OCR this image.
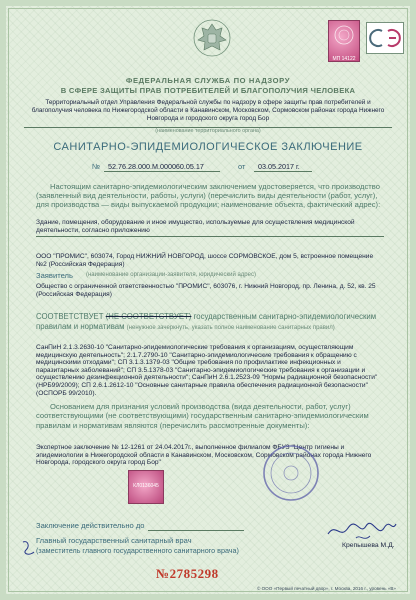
МП 14122
ФЕДЕРАЛЬНАЯ СЛУЖБА ПО НАДЗОРУ
В СФЕРЕ ЗАЩИТЫ ПРАВ ПОТРЕБИТЕЛЕЙ И БЛАГОПОЛУЧИЯ ЧЕЛОВЕКА
Территориальный отдел Управления Федеральной службы по надзору в сфере защиты прав потребителей и благополучия человека по Нижегородской области в Канавинском, Московском, Сормовском районах города Нижнего Новгорода и городского округа город Бор
(наименование территориального органа)
САНИТАРНО-ЭПИДЕМИОЛОГИЧЕСКОЕ ЗАКЛЮЧЕНИЕ
№ 52.76.28.000.М.000060.05.17	от 03.05.2017 г.
Настоящим санитарно-эпидемиологическим заключением удостоверяется, что производство (заявленный вид деятельности, работы, услуги) (перечислить виды деятельности (работ, услуг), для производства — виды выпускаемой продукции; наименование объекта, фактический адрес):
Здание, помещения, оборудование и иное имущество, используемые для осуществления медицинской деятельности, согласно приложению
ООО "ПРОМИС", 603074, Город НИЖНИЙ НОВГОРОД, шоссе СОРМОВСКОЕ, дом 5, встроенное помещение №2 (Российская Федерация)
Заявитель (наименование организации-заявителя, юридический адрес)
Общество с ограниченной ответственностью "ПРОМИС", 603076, г. Нижний Новгород, пр. Ленина, д. 52, кв. 25 (Российская Федерация)
СООТВЕТСТВУЕТ (НЕ СООТВЕТСТВУЕТ) государственным санитарно-эпидемиологическим правилам и нормативам (ненужное зачеркнуть, указать полное наименование санитарных правил)
СанПиН 2.1.3.2630-10 "Санитарно-эпидемиологические требования к организациям, осуществляющим медицинскую деятельность"; 2.1.7.2790-10 "Санитарно-эпидемиологические требования к обращению с медицинскими отходами"; СП 3.1.3.1379-03 "Общие требования по профилактике инфекционных и паразитарных заболеваний"; СП 3.5.1378-03 "Санитарно-эпидемиологические требования к организации и осуществлению дезинфекционной деятельности"; СанПиН 2.6.1.2523-09 "Нормы радиационной безопасности" (НРБ99/2009); СП 2.6.1.2612-10 "Основные санитарные правила обеспечения радиационной безопасности" (ОСПОРБ 99/2010).
Основанием для признания условий производства (вида деятельности, работ, услуг) соответствующими (не соответствующими) государственным санитарно-эпидемиологическим правилам и нормативам являются (перечислить рассмотренные документы):
Экспертное заключение № 12-1261 от 24.04.2017г., выполненное филиалом ФБУЗ "Центр гигиены и эпидемиологии в Нижегородской области в Канавинском, Московском, Сормовском районах города Нижнего Новгорода, городского округа город Бор"
КЛ0136045
Заключение действительно до
Главный государственный санитарный врач
(заместитель главного государственного санитарного врача)
Крепышева М.Д.
№2785298
© ООО «Первый печатный двор», г. Москва, 2016 г., уровень «В»
